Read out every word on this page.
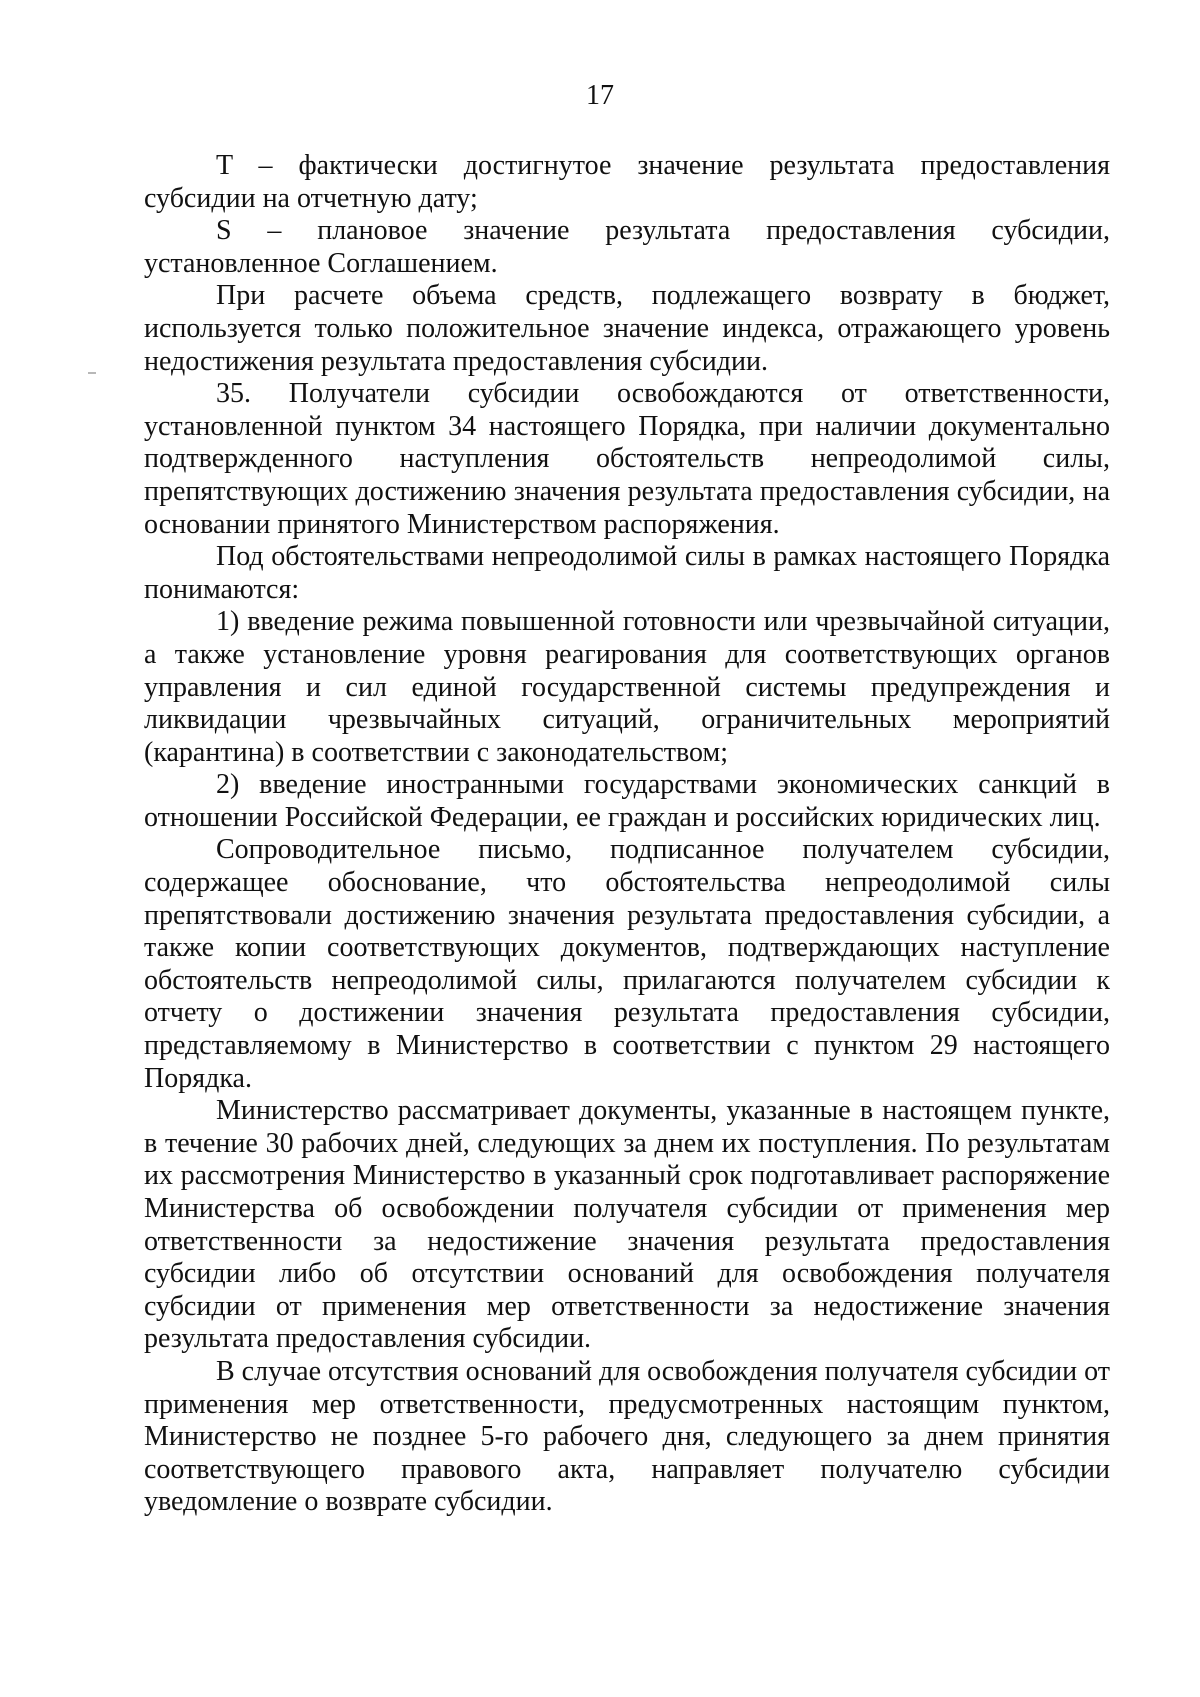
17

T – фактически достигнутое значение результата предоставления субсидии на отчетную дату;

S – плановое значение результата предоставления субсидии, установленное Соглашением.

При расчете объема средств, подлежащего возврату в бюджет, используется только положительное значение индекса, отражающего уровень недостижения результата предоставления субсидии.

35. Получатели субсидии освобождаются от ответственности, установленной пунктом 34 настоящего Порядка, при наличии документально подтвержденного наступления обстоятельств непреодолимой силы, препятствующих достижению значения результата предоставления субсидии, на основании принятого Министерством распоряжения.

Под обстоятельствами непреодолимой силы в рамках настоящего Порядка понимаются:

1) введение режима повышенной готовности или чрезвычайной ситуации, а также установление уровня реагирования для соответствующих органов управления и сил единой государственной системы предупреждения и ликвидации чрезвычайных ситуаций, ограничительных мероприятий (карантина) в соответствии с законодательством;

2) введение иностранными государствами экономических санкций в отношении Российской Федерации, ее граждан и российских юридических лиц.

Сопроводительное письмо, подписанное получателем субсидии, содержащее обоснование, что обстоятельства непреодолимой силы препятствовали достижению значения результата предоставления субсидии, а также копии соответствующих документов, подтверждающих наступление обстоятельств непреодолимой силы, прилагаются получателем субсидии к отчету о достижении значения результата предоставления субсидии, представляемому в Министерство в соответствии с пунктом 29 настоящего Порядка.

Министерство рассматривает документы, указанные в настоящем пункте, в течение 30 рабочих дней, следующих за днем их поступления. По результатам их рассмотрения Министерство в указанный срок подготавливает распоряжение Министерства об освобождении получателя субсидии от применения мер ответственности за недостижение значения результата предоставления субсидии либо об отсутствии оснований для освобождения получателя субсидии от применения мер ответственности за недостижение значения результата предоставления субсидии.

В случае отсутствия оснований для освобождения получателя субсидии от применения мер ответственности, предусмотренных настоящим пунктом, Министерство не позднее 5-го рабочего дня, следующего за днем принятия соответствующего правового акта, направляет получателю субсидии уведомление о возврате субсидии.
